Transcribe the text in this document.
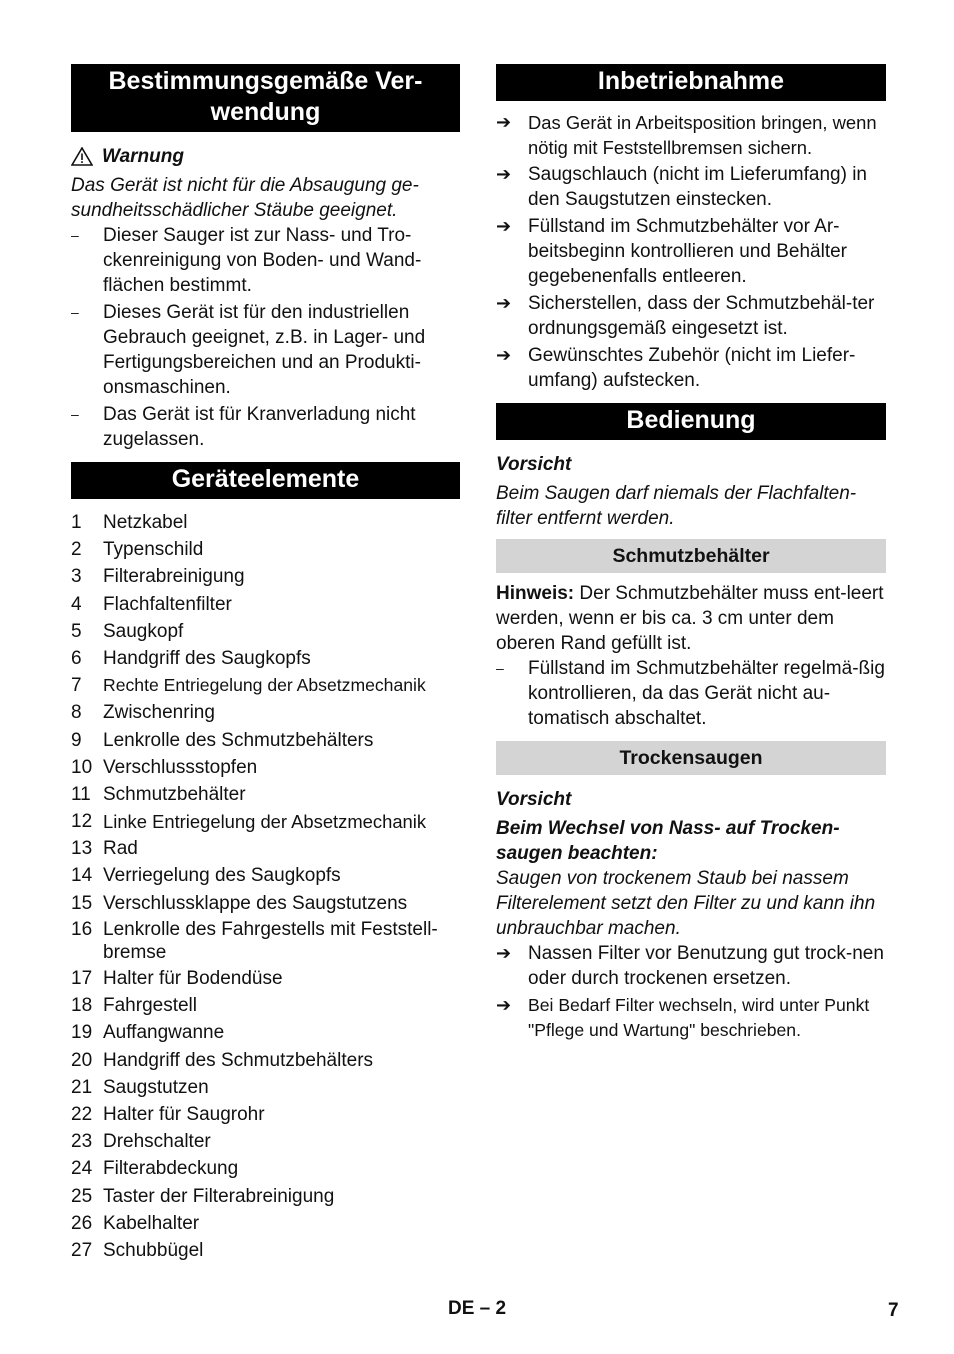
Bestimmungsgemäße Ver-
wendung
Warnung

Das Gerät ist nicht für die Absaugung ge-sundheitsschädlicher Stäube geeignet.

–	Dieser Sauger ist zur Nass- und Tro-ckenreinigung von Boden- und Wand-flächen bestimmt.
–	Dieses Gerät ist für den industriellen Gebrauch geeignet, z.B. in Lager- und Fertigungsbereichen und an Produkti-onsmaschinen.
–	Das Gerät ist für Kranverladung nicht zugelassen.
Geräteelemente
1	Netzkabel
2	Typenschild
3	Filterabreinigung
4	Flachfaltenfilter
5	Saugkopf
6	Handgriff des Saugkopfs
7	Rechte Entriegelung der Absetzmechanik
8	Zwischenring
9	Lenkrolle des Schmutzbehälters
10 Verschlussstopfen
11 Schmutzbehälter
12 Linke Entriegelung der Absetzmechanik
13 Rad
14 Verriegelung des Saugkopfs
15 Verschlussklappe des Saugstutzens
16 Lenkrolle des Fahrgestells mit Feststell-bremse
17 Halter für Bodendüse
18 Fahrgestell
19 Auffangwanne
20 Handgriff des Schmutzbehälters
21 Saugstutzen
22 Halter für Saugrohr
23 Drehschalter
24 Filterabdeckung
25 Taster der Filterabreinigung
26 Kabelhalter
27 Schubbügel
Inbetriebnahme
➔ Das Gerät in Arbeitsposition bringen, wenn nötig mit Feststellbremsen sichern.
➔ Saugschlauch (nicht im Lieferumfang) in den Saugstutzen einstecken.
➔ Füllstand im Schmutzbehälter vor Ar-beitsbeginn kontrollieren und Behälter gegebenenfalls entleeren.
➔ Sicherstellen, dass der Schmutzbehäl-ter ordnungsgemäß eingesetzt ist.
➔ Gewünschtes Zubehör (nicht im Liefer-umfang) aufstecken.
Bedienung

Vorsicht

Beim Saugen darf niemals der Flachfalten-filter entfernt werden.

Schmutzbehälter

Hinweis: Der Schmutzbehälter muss ent-leert werden, wenn er bis ca. 3 cm unter dem oberen Rand gefüllt ist.

–	Füllstand im Schmutzbehälter regelmä-ßig kontrollieren, da das Gerät nicht au-tomatisch abschaltet.
Trockensaugen

Vorsicht

Beim Wechsel von Nass- auf Trocken-saugen beachten:

Saugen von trockenem Staub bei nassem Filterelement setzt den Filter zu und kann ihn unbrauchbar machen.

➔ Nassen Filter vor Benutzung gut trock-nen oder durch trockenen ersetzen.
➔ Bei Bedarf Filter wechseln, wird unter Punkt "Pflege und Wartung" beschrieben.
DE – 2	7
